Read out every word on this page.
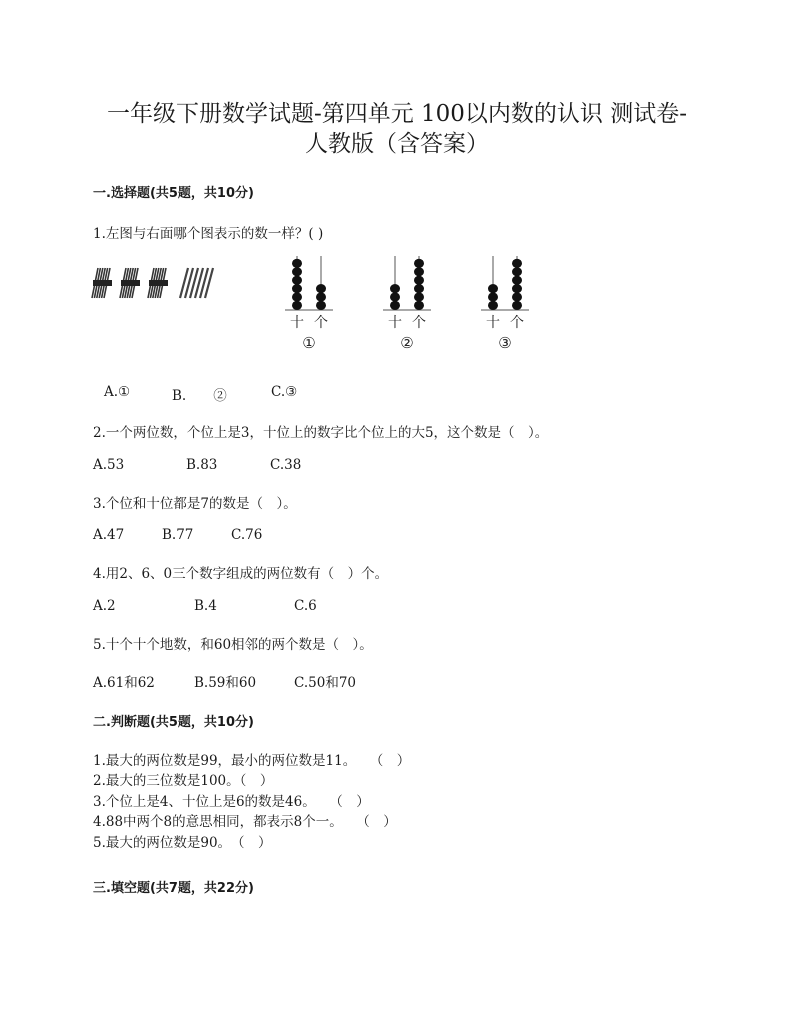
一年级下册数学试题-第四单元 100以内数的认识 测试卷-
人教版（含答案）
一.选择题(共5题，共10分)
1.左图与右面哪个图表示的数一样？( )
十 个
①
十 个
②
十 个
③
A.①	B.　　②	C.③
2.一个两位数，个位上是3，十位上的数字比个位上的大5，这个数是（　）。
A.53	B.83	C.38
3.个位和十位都是7的数是（　）。
A.47	B.77	C.76
4.用2、6、0三个数字组成的两位数有（　）个。
A.2	B.4	C.6
5.十个十个地数，和60相邻的两个数是（　）。
A.61和62	B.59和60	C.50和70
二.判断题(共5题，共10分)
1.最大的两位数是99，最小的两位数是11。　　（　）
2.最大的三位数是100。（　）
3.个位上是4、十位上是6的数是46。　　（　）
4.88中两个8的意思相同，都表示8个一。　　（　）
5.最大的两位数是90。　（　）
三.填空题(共7题，共22分)
